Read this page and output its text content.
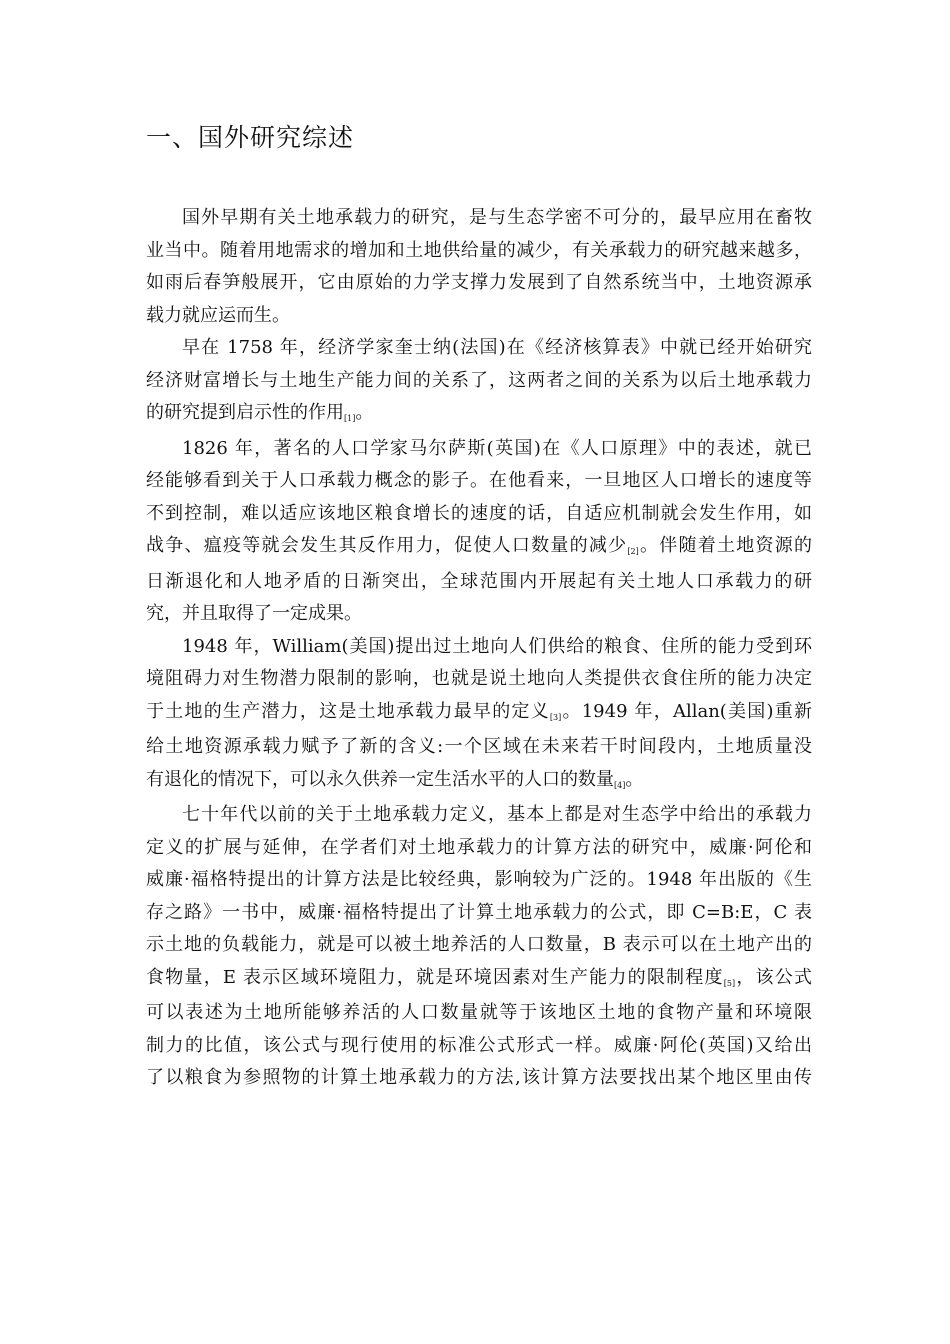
一、国外研究综述
国外早期有关土地承载力的研究，是与生态学密不可分的，最早应用在畜牧
业当中。随着用地需求的增加和土地供给量的减少，有关承载力的研究越来越多，
如雨后春笋般展开，它由原始的力学支撑力发展到了自然系统当中，土地资源承
载力就应运而生。
早在 1758 年，经济学家奎士纳(法国)在《经济核算表》中就已经开始研究
经济财富增长与土地生产能力间的关系了，这两者之间的关系为以后土地承载力
的研究提到启示性的作用[1]。
1826 年，著名的人口学家马尔萨斯(英国)在《人口原理》中的表述，就已
经能够看到关于人口承载力概念的影子。在他看来，一旦地区人口增长的速度等
不到控制，难以适应该地区粮食增长的速度的话，自适应机制就会发生作用，如
战争、瘟疫等就会发生其反作用力，促使人口数量的减少[2]。伴随着土地资源的
日渐退化和人地矛盾的日渐突出，全球范围内开展起有关土地人口承载力的研
究，并且取得了一定成果。
1948 年，William(美国)提出过土地向人们供给的粮食、住所的能力受到环
境阻碍力对生物潜力限制的影响，也就是说土地向人类提供衣食住所的能力决定
于土地的生产潜力，这是土地承载力最早的定义[3]。1949 年，Allan(美国)重新
给土地资源承载力赋予了新的含义:一个区域在未来若干时间段内，土地质量没
有退化的情况下，可以永久供养一定生活水平的人口的数量[4]。
七十年代以前的关于土地承载力定义，基本上都是对生态学中给出的承载力
定义的扩展与延伸，在学者们对土地承载力的计算方法的研究中，威廉·阿伦和
威廉·福格特提出的计算方法是比较经典，影响较为广泛的。1948 年出版的《生
存之路》一书中，威廉·福格特提出了计算土地承载力的公式，即 C=B:E，C 表
示土地的负载能力，就是可以被土地养活的人口数量，B 表示可以在土地产出的
食物量，E 表示区域环境阻力，就是环境因素对生产能力的限制程度[5]，该公式
可以表述为土地所能够养活的人口数量就等于该地区土地的食物产量和环境限
制力的比值，该公式与现行使用的标准公式形式一样。威廉·阿伦(英国)又给出
了以粮食为参照物的计算土地承载力的方法,该计算方法要找出某个地区里由传
